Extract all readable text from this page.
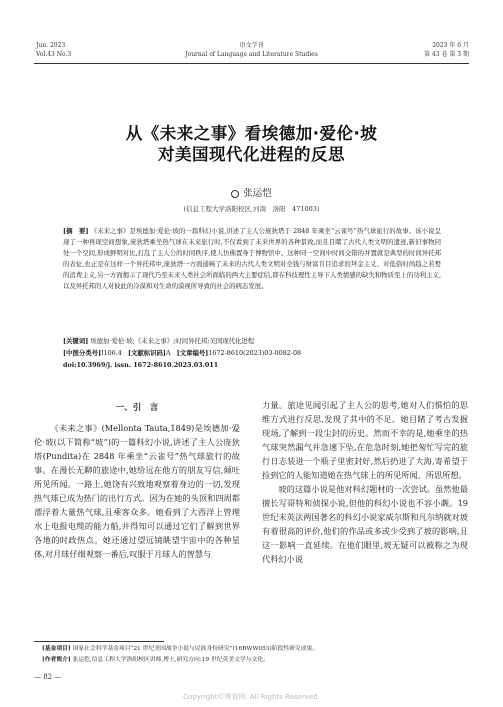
Jun. 2023
Vol.43 No.3
语文学刊
Journal of Language and Literature Studies
2023 年 6 月
第 43 卷 第 3 期
从《未来之事》看埃德加·爱伦·坡
对美国现代化进程的反思
张运恺
(信息工程大学洛阳校区,河南　洛阳　471003)
[摘　要] 《未来之事》是埃德加·爱伦·坡的一篇科幻小说,讲述了主人公庞狄塔于 2848 年乘坐“云雀号”热气球旅行的故事。该小说呈现了一种再现空间想象,庞狄塔乘坐热气球在未来旅行时,不仅看到了未来世界的各种景致,而且目睹了古代人类文明的遗迹,新旧事物同处一个空间,形成鲜明对比,打乱了主人公的时间秩序,使人仿佛置身于博物馆中。这种同一空间中时间交错的并置就是典型的时间异托邦的表征,也正是在这样一个异托邦中,庞狄塔一方面通畅了未来的古代人类文明对全钱与财富肯目追求的拜金主义、对低俗时尚趋之若鹜的消费主义,另一方面揭示了现代乃至未来人类社会所面临的两大主要症结,即在科技理性主导下人类情感的缺失和物质至上的功利主义,以及异托邦的人对彼此的冷漠和对生命的漠视所导致的社会的病态发展。
[关键词] 埃德加·爱伦·坡;《未来之事》;时间异托邦;美国现代化进程
[中图分类号]I106.4 [文献标识码]A [文章编号]1672-8610(2023)03-0082-08
doi:10.3969/j. issn. 1672-8610.2023.03.011
一、引　言

《未来之事》(Mellonta Tauta,1849)是埃德加·爱伦·坡(以下简称“坡”)的一篇科幻小说,讲述了主人公庞狄塔(Pundita)在 2848 年乘坐“云雀号”热气球旅行的故事。在漫长无聊的旅途中,她给远在他方的朋友写信,倾吐所见所闻。一路上,她饶有兴致地观察着身边的一切,发现热气球已成为热门的出行方式。因为在她的头顶和四周都漂浮着大量热气球,且乘客众多。她看到了大西洋上管理水上电报电缆的能力船,并得知可以通过它们了解到世界各地的时政热点。她还通过望远镜眺望宇宙中的各种星体,对月球仔细观察一番后,叹服于月球人的智慧与

力量。旅途见闻引起了主人公的思考,她对人们惧怕的思维方式进行反思,发现了其中的不足。她目睹了考古发掘现场,了解到一段尘封的历史。然而不幸的是,她乘坐的热气球突然漏气并急速下坠,在危急时刻,她把匆忙写完的旅行日志装进一个瓶子里密封好,然后扔进了大海,寄希望于捡到它的人能知道她在热气球上的所见所闻、所思所想。

坡的这篇小说是他对科幻题材的一次尝试。虽然他最擅长写哥特和侦探小说,但他的科幻小说也不容小觑。19 世纪末英法两国著名的科幻小说家威尔斯和凡尔纳就对坡有着很高的评价,他们的作品或多或少受到了坡的影响,且这一影响一直延续。在他们眼里,坡无疑可以被称之为现代科幻小说

[基金项目] 国家社会科学基金项目“21 世纪美国战争小说与民族身份研究”(16BWW053)阶段性研究成果。
[作者简介] 张运恺,信息工程大学洛阳校区讲师,博士,研究方向:19 世纪英美文学与文化。
— 82 —
Copyright©博看网. All Rights Reserved.
